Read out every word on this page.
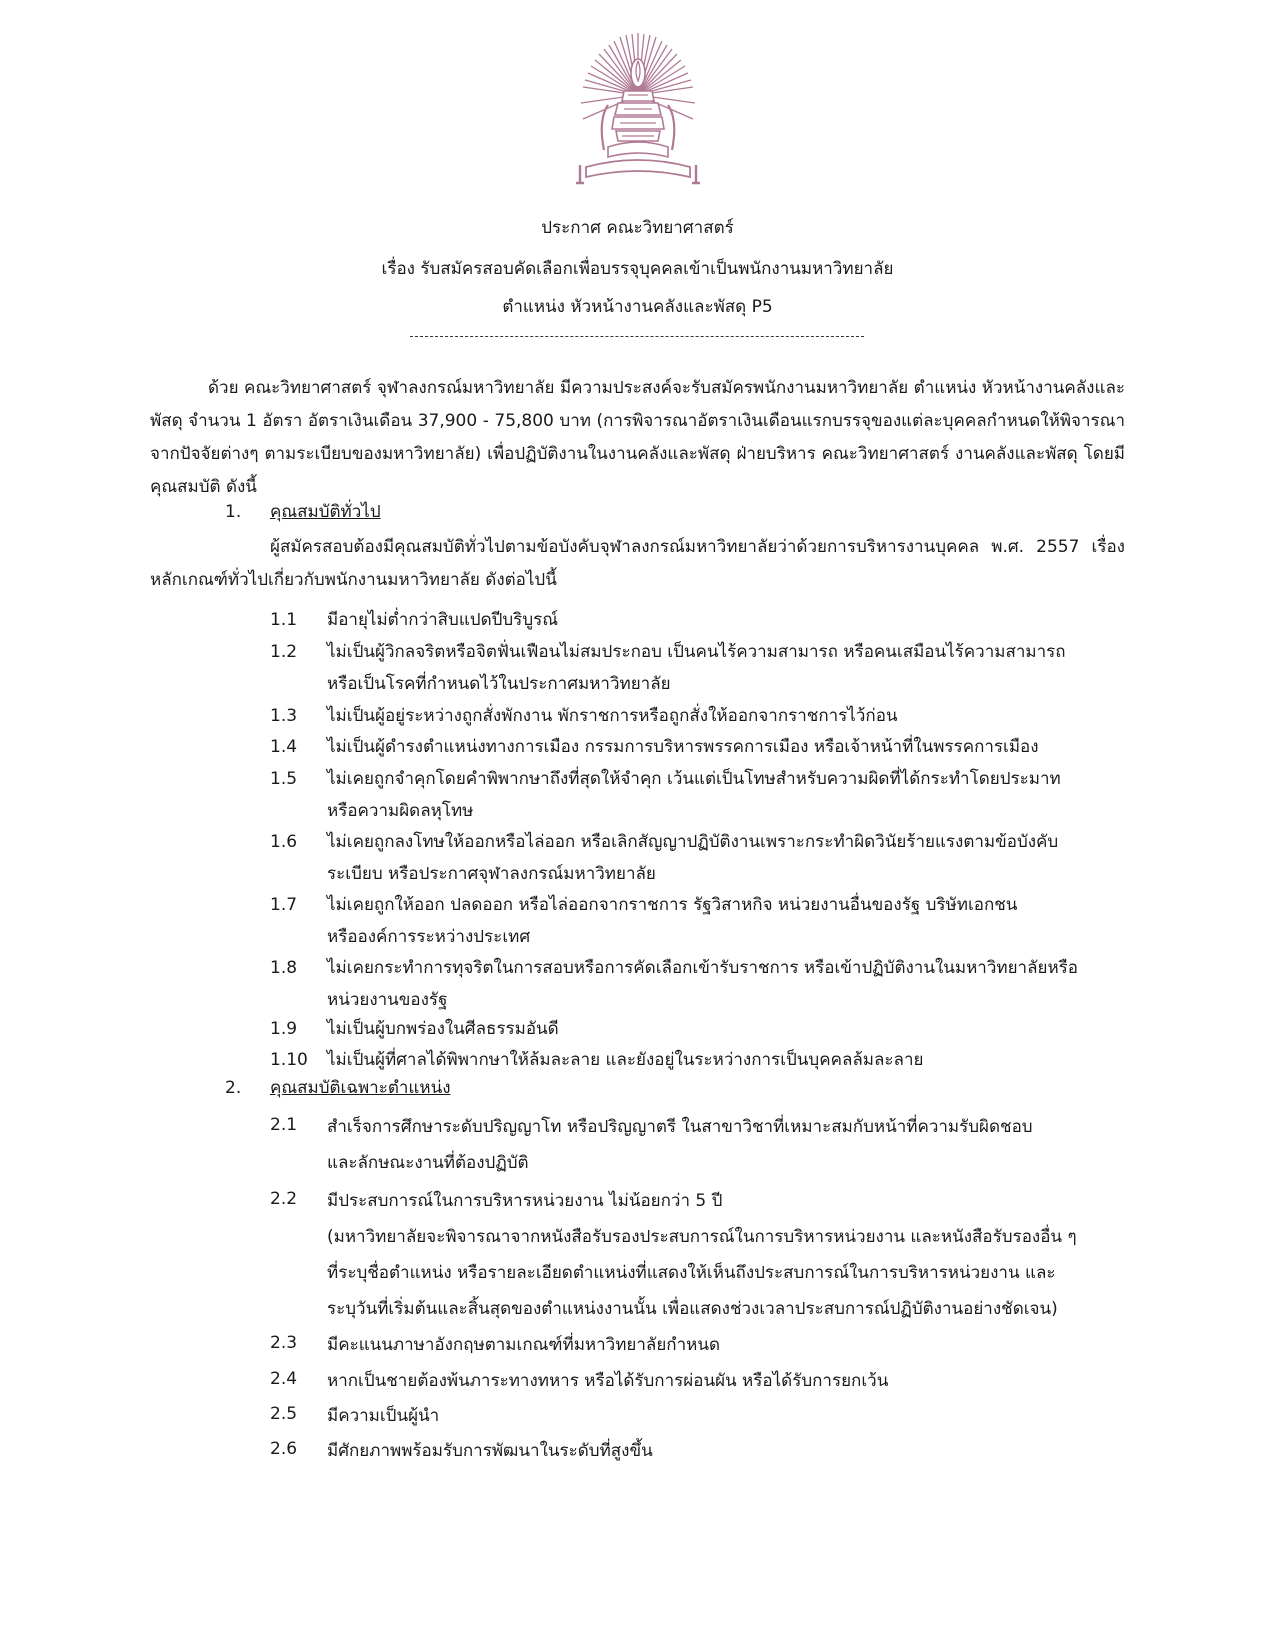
ประกาศ คณะวิทยาศาสตร์
เรื่อง รับสมัครสอบคัดเลือกเพื่อบรรจุบุคคลเข้าเป็นพนักงานมหาวิทยาลัย
ตำแหน่ง หัวหน้างานคลังและพัสดุ P5

ด้วย คณะวิทยาศาสตร์ จุฬาลงกรณ์มหาวิทยาลัย มีความประสงค์จะรับสมัครพนักงานมหาวิทยาลัย ตำแหน่ง หัวหน้างานคลังและพัสดุ จำนวน 1 อัตรา อัตราเงินเดือน 37,900 - 75,800 บาท (การพิจารณาอัตราเงินเดือนแรกบรรจุของแต่ละบุคคลกำหนดให้พิจารณาจากปัจจัยต่างๆ ตามระเบียบของมหาวิทยาลัย) เพื่อปฏิบัติงานในงานคลังและพัสดุ ฝ่ายบริหาร คณะวิทยาศาสตร์ งานคลังและพัสดุ โดยมีคุณสมบัติ ดังนี้

1.	คุณสมบัติทั่วไป

ผู้สมัครสอบต้องมีคุณสมบัติทั่วไปตามข้อบังคับจุฬาลงกรณ์มหาวิทยาลัยว่าด้วยการบริหารงานบุคคล พ.ศ. 2557 เรื่องหลักเกณฑ์ทั่วไปเกี่ยวกับพนักงานมหาวิทยาลัย ดังต่อไปนี้

1.1	มีอายุไม่ต่ำกว่าสิบแปดปีบริบูรณ์
1.2	ไม่เป็นผู้วิกลจริตหรือจิตฟั่นเฟือนไม่สมประกอบ เป็นคนไร้ความสามารถ หรือคนเสมือนไร้ความสามารถ
หรือเป็นโรคที่กำหนดไว้ในประกาศมหาวิทยาลัย
1.3	ไม่เป็นผู้อยู่ระหว่างถูกสั่งพักงาน พักราชการหรือถูกสั่งให้ออกจากราชการไว้ก่อน
1.4	ไม่เป็นผู้ดำรงตำแหน่งทางการเมือง กรรมการบริหารพรรคการเมือง หรือเจ้าหน้าที่ในพรรคการเมือง
1.5	ไม่เคยถูกจำคุกโดยคำพิพากษาถึงที่สุดให้จำคุก เว้นแต่เป็นโทษสำหรับความผิดที่ได้กระทำโดยประมาท
หรือความผิดลหุโทษ
1.6	ไม่เคยถูกลงโทษให้ออกหรือไล่ออก หรือเลิกสัญญาปฏิบัติงานเพราะกระทำผิดวินัยร้ายแรงตามข้อบังคับ
ระเบียบ หรือประกาศจุฬาลงกรณ์มหาวิทยาลัย
1.7	ไม่เคยถูกให้ออก ปลดออก หรือไล่ออกจากราชการ รัฐวิสาหกิจ หน่วยงานอื่นของรัฐ บริษัทเอกชน
หรือองค์การระหว่างประเทศ
1.8	ไม่เคยกระทำการทุจริตในการสอบหรือการคัดเลือกเข้ารับราชการ หรือเข้าปฏิบัติงานในมหาวิทยาลัยหรือ
หน่วยงานของรัฐ
1.9	ไม่เป็นผู้บกพร่องในศีลธรรมอันดี
1.10	ไม่เป็นผู้ที่ศาลได้พิพากษาให้ล้มละลาย และยังอยู่ในระหว่างการเป็นบุคคลล้มละลาย
2.	คุณสมบัติเฉพาะตำแหน่ง
2.1	สำเร็จการศึกษาระดับปริญญาโท หรือปริญญาตรี ในสาขาวิชาที่เหมาะสมกับหน้าที่ความรับผิดชอบ
และลักษณะงานที่ต้องปฏิบัติ
2.2	มีประสบการณ์ในการบริหารหน่วยงาน ไม่น้อยกว่า 5 ปี
(มหาวิทยาลัยจะพิจารณาจากหนังสือรับรองประสบการณ์ในการบริหารหน่วยงาน และหนังสือรับรองอื่น ๆ
ที่ระบุชื่อตำแหน่ง หรือรายละเอียดตำแหน่งที่แสดงให้เห็นถึงประสบการณ์ในการบริหารหน่วยงาน และ
ระบุวันที่เริ่มต้นและสิ้นสุดของตำแหน่งงานนั้น เพื่อแสดงช่วงเวลาประสบการณ์ปฏิบัติงานอย่างชัดเจน)
2.3	มีคะแนนภาษาอังกฤษตามเกณฑ์ที่มหาวิทยาลัยกำหนด
2.4	หากเป็นชายต้องพ้นภาระทางทหาร หรือได้รับการผ่อนผัน หรือได้รับการยกเว้น
2.5	มีความเป็นผู้นำ
2.6	มีศักยภาพพร้อมรับการพัฒนาในระดับที่สูงขึ้น
